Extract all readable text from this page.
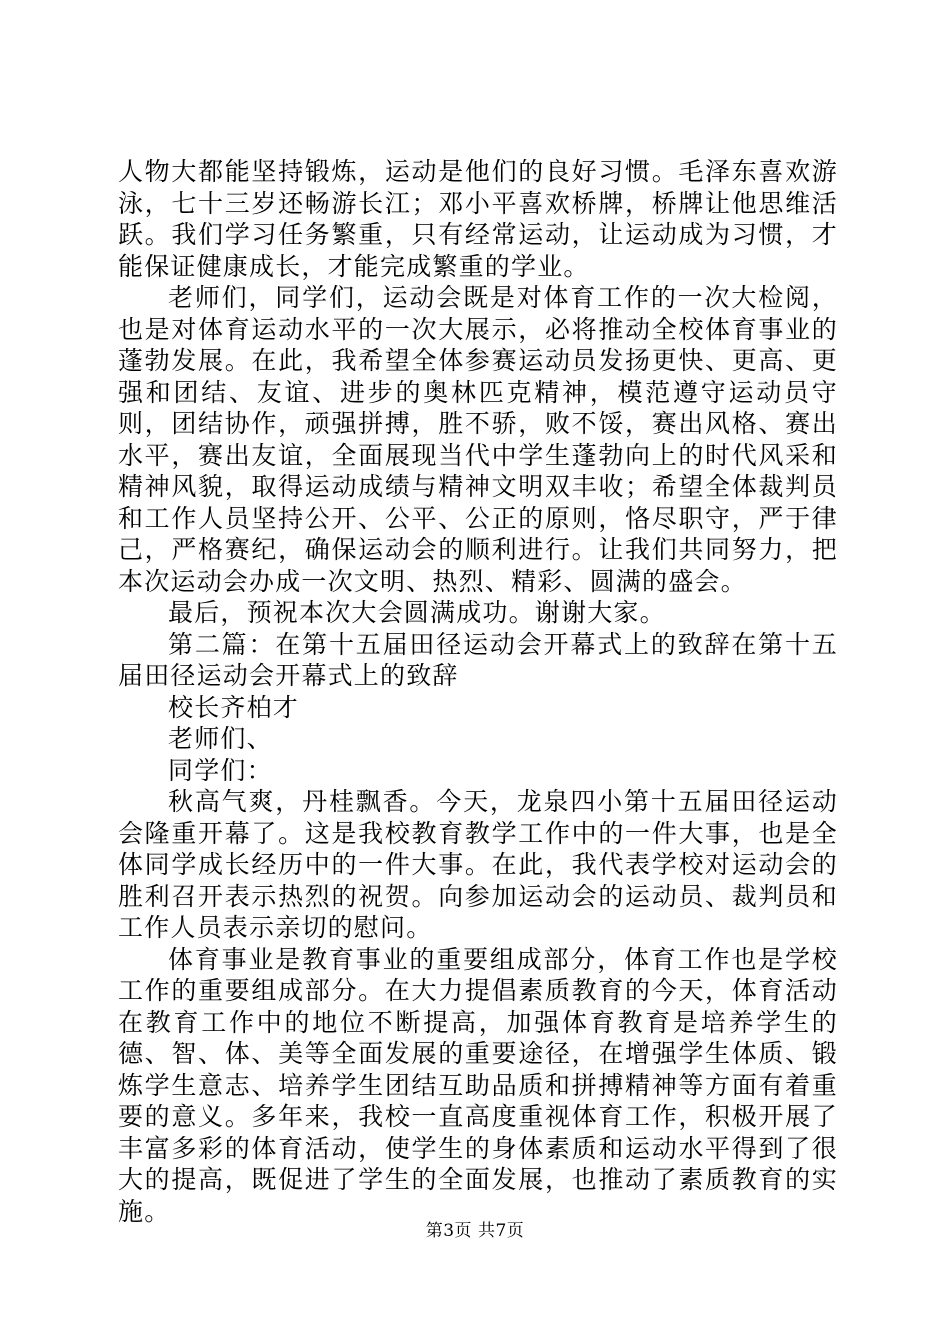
人物大都能坚持锻炼，运动是他们的良好习惯。毛泽东喜欢游泳，七十三岁还畅游长江；邓小平喜欢桥牌，桥牌让他思维活跃。我们学习任务繁重，只有经常运动，让运动成为习惯，才能保证健康成长，才能完成繁重的学业。

老师们，同学们，运动会既是对体育工作的一次大检阅，也是对体育运动水平的一次大展示，必将推动全校体育事业的蓬勃发展。在此，我希望全体参赛运动员发扬更快、更高、更强和团结、友谊、进步的奥林匹克精神，模范遵守运动员守则，团结协作，顽强拼搏，胜不骄，败不馁，赛出风格、赛出水平，赛出友谊，全面展现当代中学生蓬勃向上的时代风采和精神风貌，取得运动成绩与精神文明双丰收；希望全体裁判员和工作人员坚持公开、公平、公正的原则，恪尽职守，严于律己，严格赛纪，确保运动会的顺利进行。让我们共同努力，把本次运动会办成一次文明、热烈、精彩、圆满的盛会。

最后，预祝本次大会圆满成功。谢谢大家。

第二篇：在第十五届田径运动会开幕式上的致辞在第十五届田径运动会开幕式上的致辞

校长齐柏才

老师们、

同学们：

秋高气爽，丹桂飘香。今天，龙泉四小第十五届田径运动会隆重开幕了。这是我校教育教学工作中的一件大事，也是全体同学成长经历中的一件大事。在此，我代表学校对运动会的胜利召开表示热烈的祝贺。向参加运动会的运动员、裁判员和工作人员表示亲切的慰问。

体育事业是教育事业的重要组成部分，体育工作也是学校工作的重要组成部分。在大力提倡素质教育的今天，体育活动在教育工作中的地位不断提高，加强体育教育是培养学生的德、智、体、美等全面发展的重要途径，在增强学生体质、锻炼学生意志、培养学生团结互助品质和拼搏精神等方面有着重要的意义。多年来，我校一直高度重视体育工作，积极开展了丰富多彩的体育活动，使学生的身体素质和运动水平得到了很大的提高，既促进了学生的全面发展，也推动了素质教育的实施。

第3页 共7页
